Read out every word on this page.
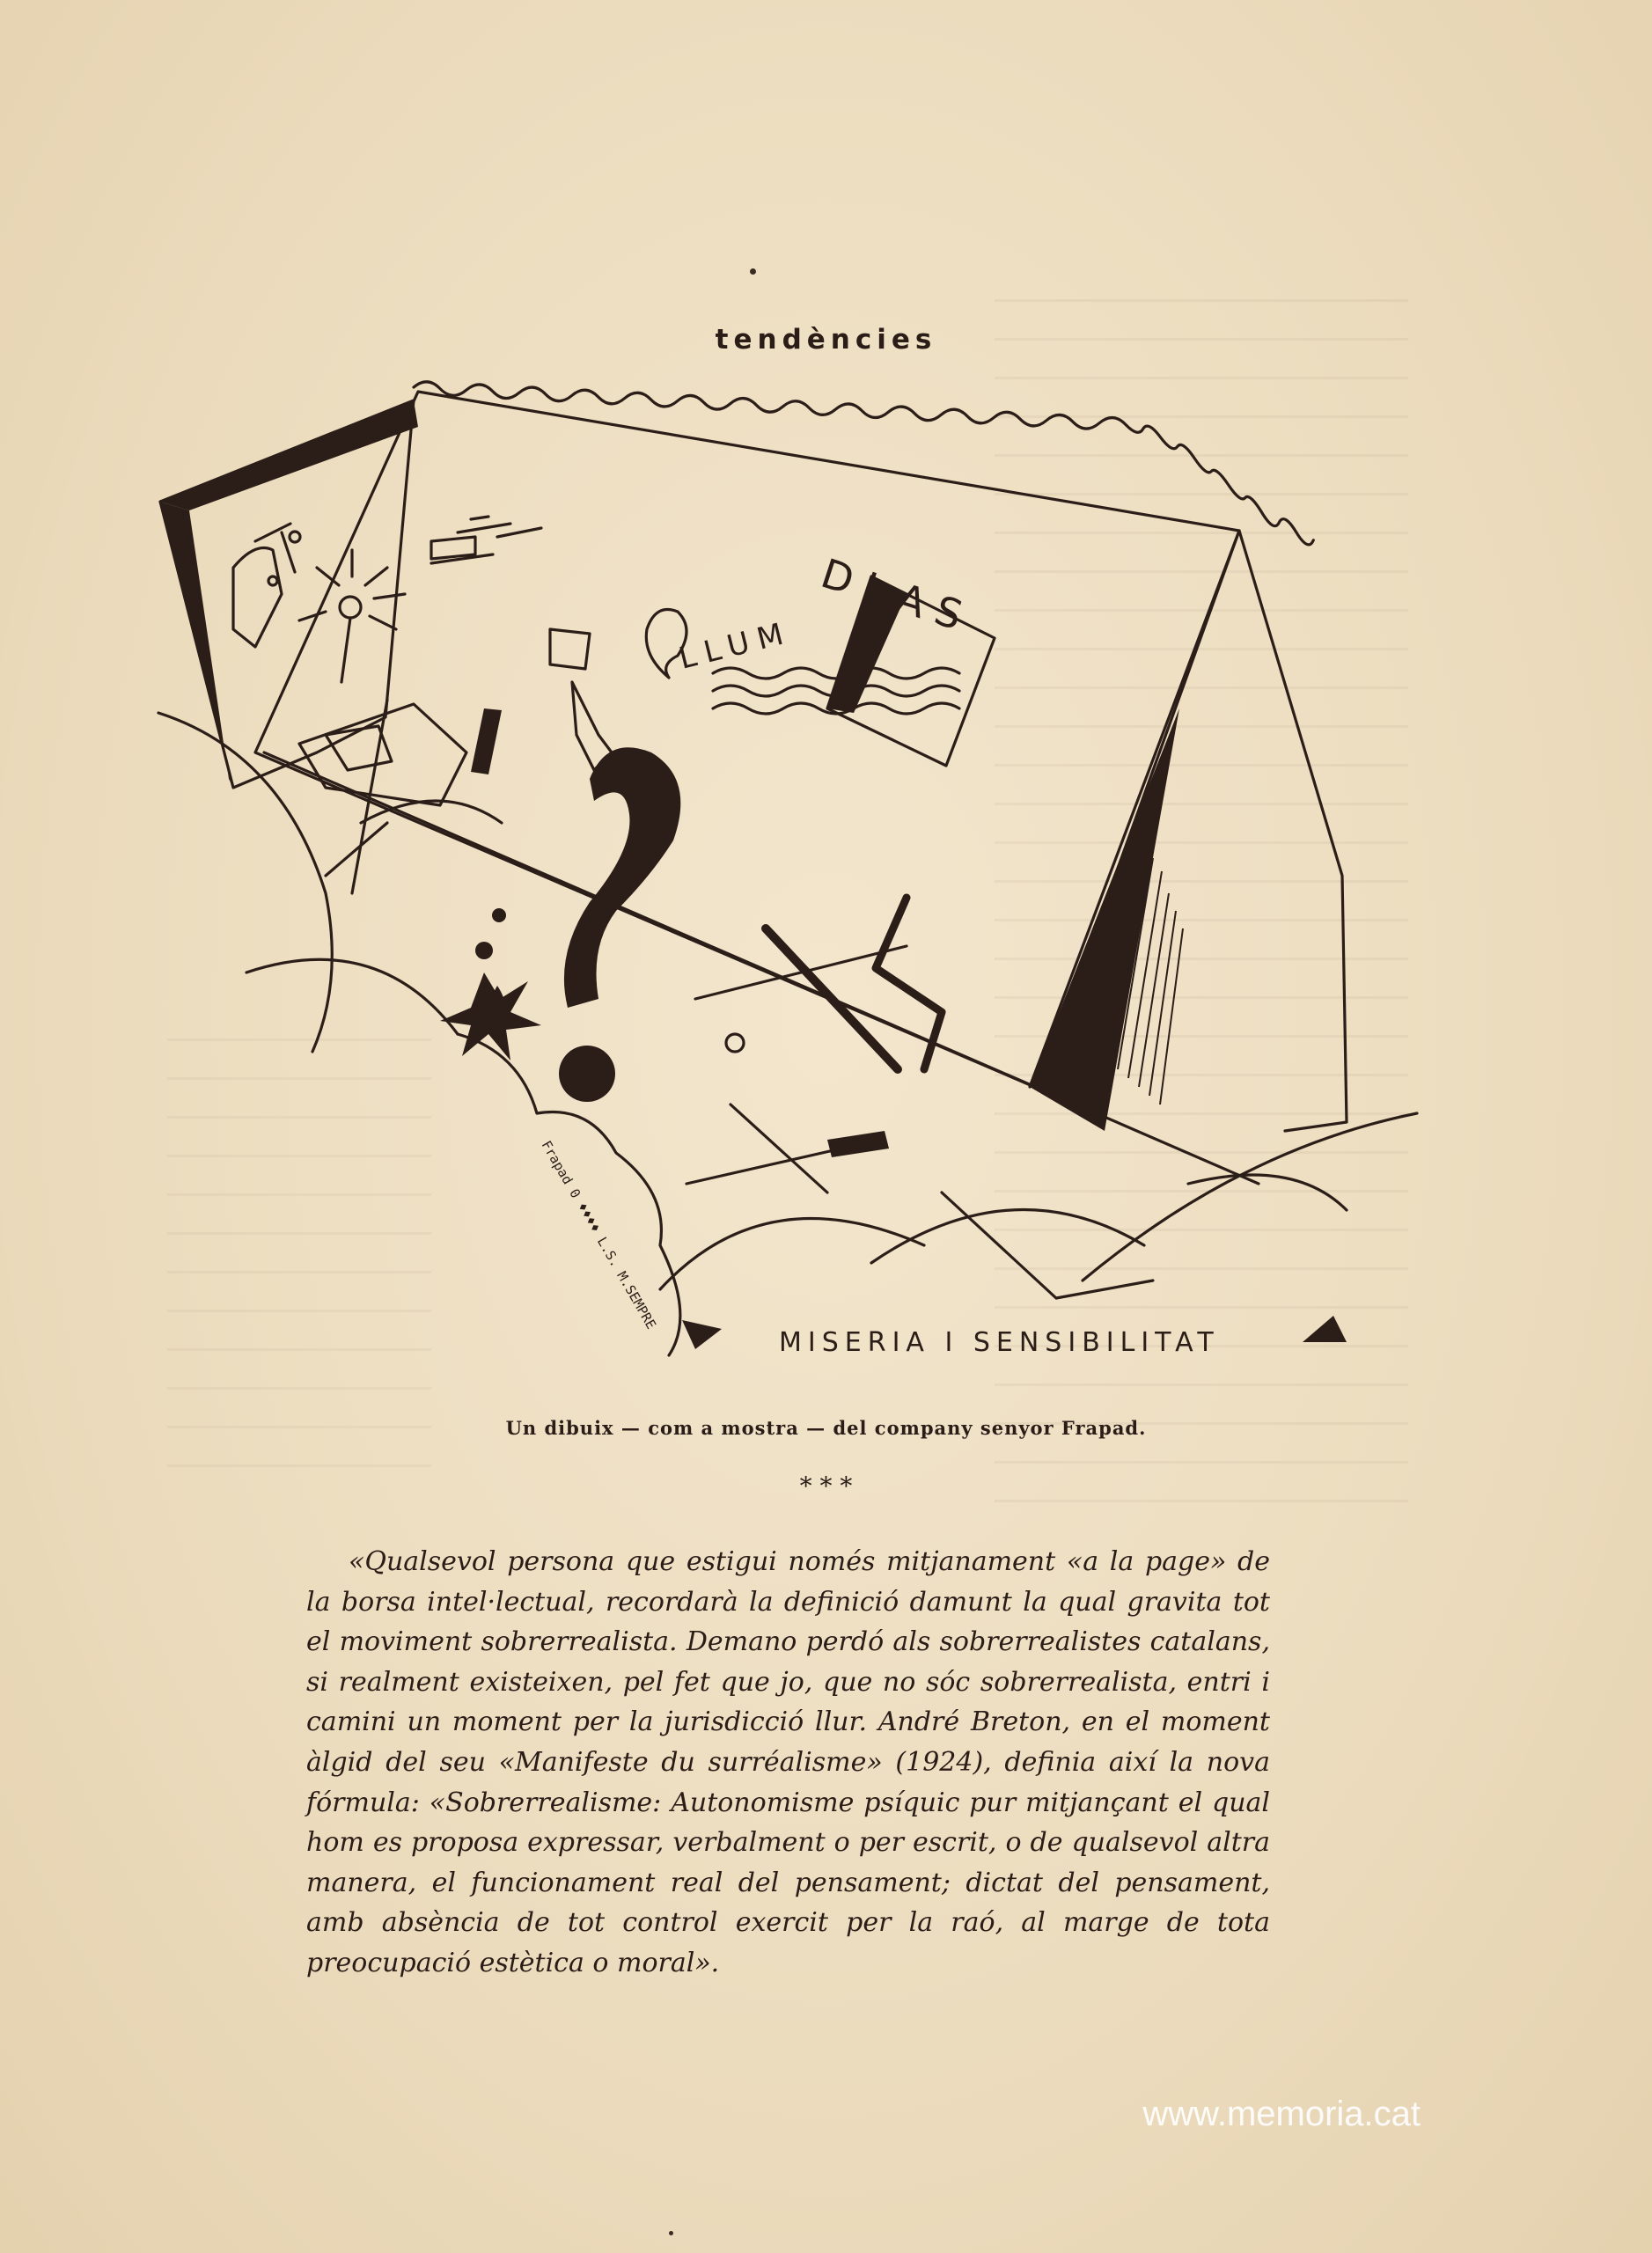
tendències
LLUM
DLAS
MISERIA I SENSIBILITAT
Frapad 0 ♦♦♦♦ L.S. M.SEMPRE
Un dibuix — com a mostra — del company senyor Frapad.
* * *
«Qualsevol persona que estigui només mitjanament «a la page» de la borsa intel·lectual, recordarà la definició damunt la qual gravita tot el moviment sobrerrealista. Demano perdó als sobrerrealistes catalans, si realment existeixen, pel fet que jo, que no sóc sobrerrealista, entri i camini un moment per la jurisdicció llur. André Breton, en el moment àlgid del seu «Manifeste du surréalisme» (1924), definia així la nova fórmula: «Sobrerrealisme: Autonomisme psíquic pur mitjançant el qual hom es proposa expressar, verbalment o per escrit, o de qualsevol altra manera, el funcionament real del pensament; dictat del pensament, amb absència de tot control exercit per la raó, al marge de tota preocupació estètica o moral».
www.memoria.cat
